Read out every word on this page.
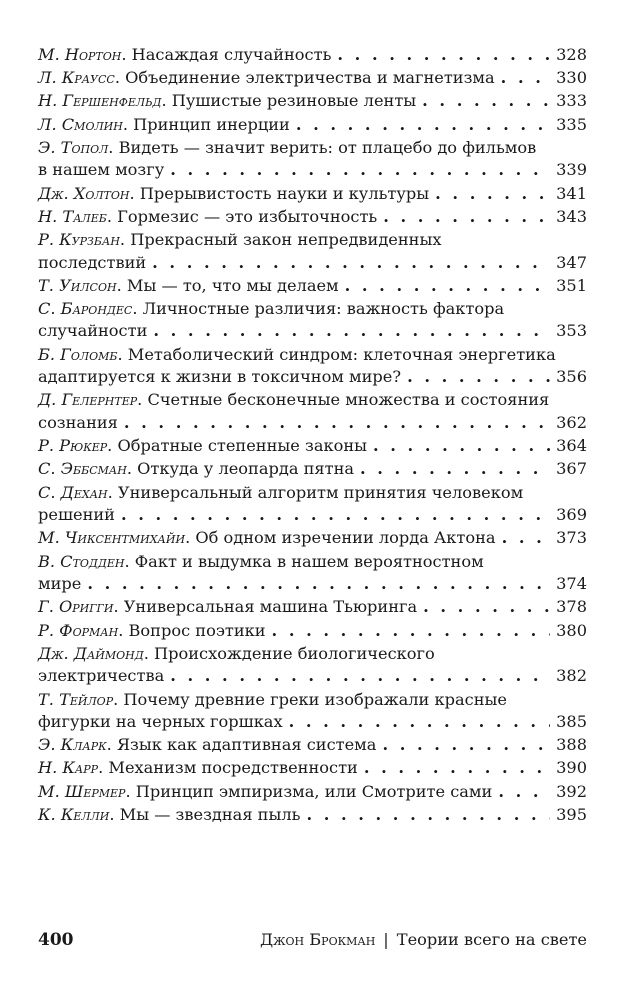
М. Нортон. Насаждая случайность . . .	328
Л. Краусс. Объединение электричества и магнетизма . . .	330
Н. Гершенфельд. Пушистые резиновые ленты . . .	333
Л. Смолин. Принцип инерции . . .	335
Э. Топол. Видеть — значит верить: от плацебо до фильмов
в нашем мозгу . . .	339
Дж. Холтон. Прерывистость науки и культуры . . .	341
Н. Талеб. Гормезис — это избыточность . . .	343
Р. Курзбан. Прекрасный закон непредвиденных
последствий . . .	347
Т. Уилсон. Мы — то, что мы делаем . . .	351
С. Барондес. Личностные различия: важность фактора
случайности . . .	353
Б. Голомб. Метаболический синдром: клеточная энергетика
адаптируется к жизни в токсичном мире? . . .	356
Д. Гелернтер. Счетные бесконечные множества и состояния
сознания . . .	362
Р. Рюкер. Обратные степенные законы . . .	364
С. Эббсман. Откуда у леопарда пятна . . .	367
С. Дехан. Универсальный алгоритм принятия человеком
решений . . .	369
М. Чиксентмихайи. Об одном изречении лорда Актона . . .	373
В. Стодден. Факт и выдумка в нашем вероятностном
мире . . .	374
Г. Оригги. Универсальная машина Тьюринга . . .	378
Р. Форман. Вопрос поэтики . . .	380
Дж. Даймонд. Происхождение биологического
электричества . . .	382
Т. Тейлор. Почему древние греки изображали красные
фигурки на черных горшках . . .	385
Э. Кларк. Язык как адаптивная система . . .	388
Н. Карр. Механизм посредственности . . .	390
М. Шермер. Принцип эмпиризма, или Смотрите сами . . .	392
К. Келли. Мы — звездная пыль . . .	395
400	Джон Брокман | Теории всего на свете
